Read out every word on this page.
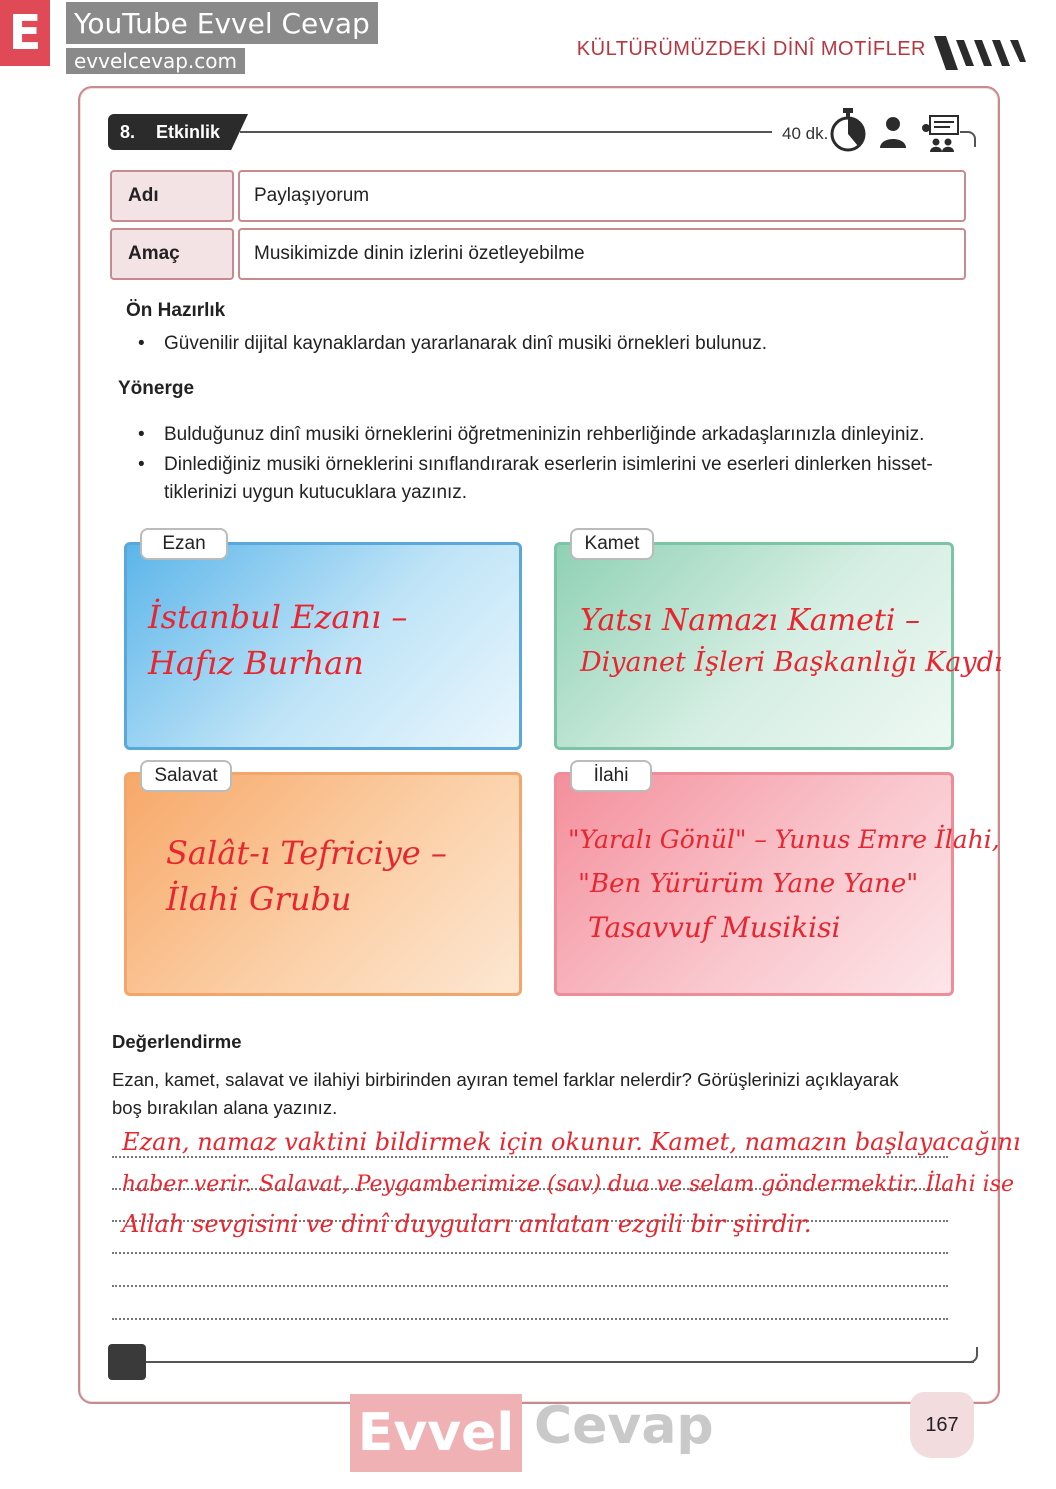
E YouTube Evvel Cevap
evvelcevap.com	KÜLTÜRÜMÜZDEKİ DİNÎ MOTİFLER
8. Etkinlik	40 dk.
Adı	Paylaşıyorum
Amaç	Musikimizde dinin izlerini özetleyebilme
Ön Hazırlık
• Güvenilir dijital kaynaklardan yararlanarak dinî musiki örnekleri bulunuz.
Yönerge
• Bulduğunuz dinî musiki örneklerini öğretmeninizin rehberliğinde arkadaşlarınızla dinleyiniz.
• Dinlediğiniz musiki örneklerini sınıflandırarak eserlerin isimlerini ve eserleri dinlerken hisset-
tiklerinizi uygun kutucuklara yazınız.
Ezan
İstanbul Ezanı –
Hafız Burhan
Kamet
Yatsı Namazı Kameti –
Diyanet İşleri Başkanlığı Kaydı
Salavat
Salât-ı Tefriciye –
İlahi Grubu
İlahi
"Yaralı Gönül" – Yunus Emre İlahi,
"Ben Yürürüm Yane Yane"
Tasavvuf Musikisi
Değerlendirme
Ezan, kamet, salavat ve ilahiyi birbirinden ayıran temel farklar nelerdir? Görüşlerinizi açıklayarak
boş bırakılan alana yazınız.
Ezan, namaz vaktini bildirmek için okunur. Kamet, namazın başlayacağını
haber verir. Salavat, Peygamberimize (sav) dua ve selam göndermektir. İlahi ise
Allah sevgisini ve dinî duyguları anlatan ezgili bir şiirdir.
Evvel Cevap	167
